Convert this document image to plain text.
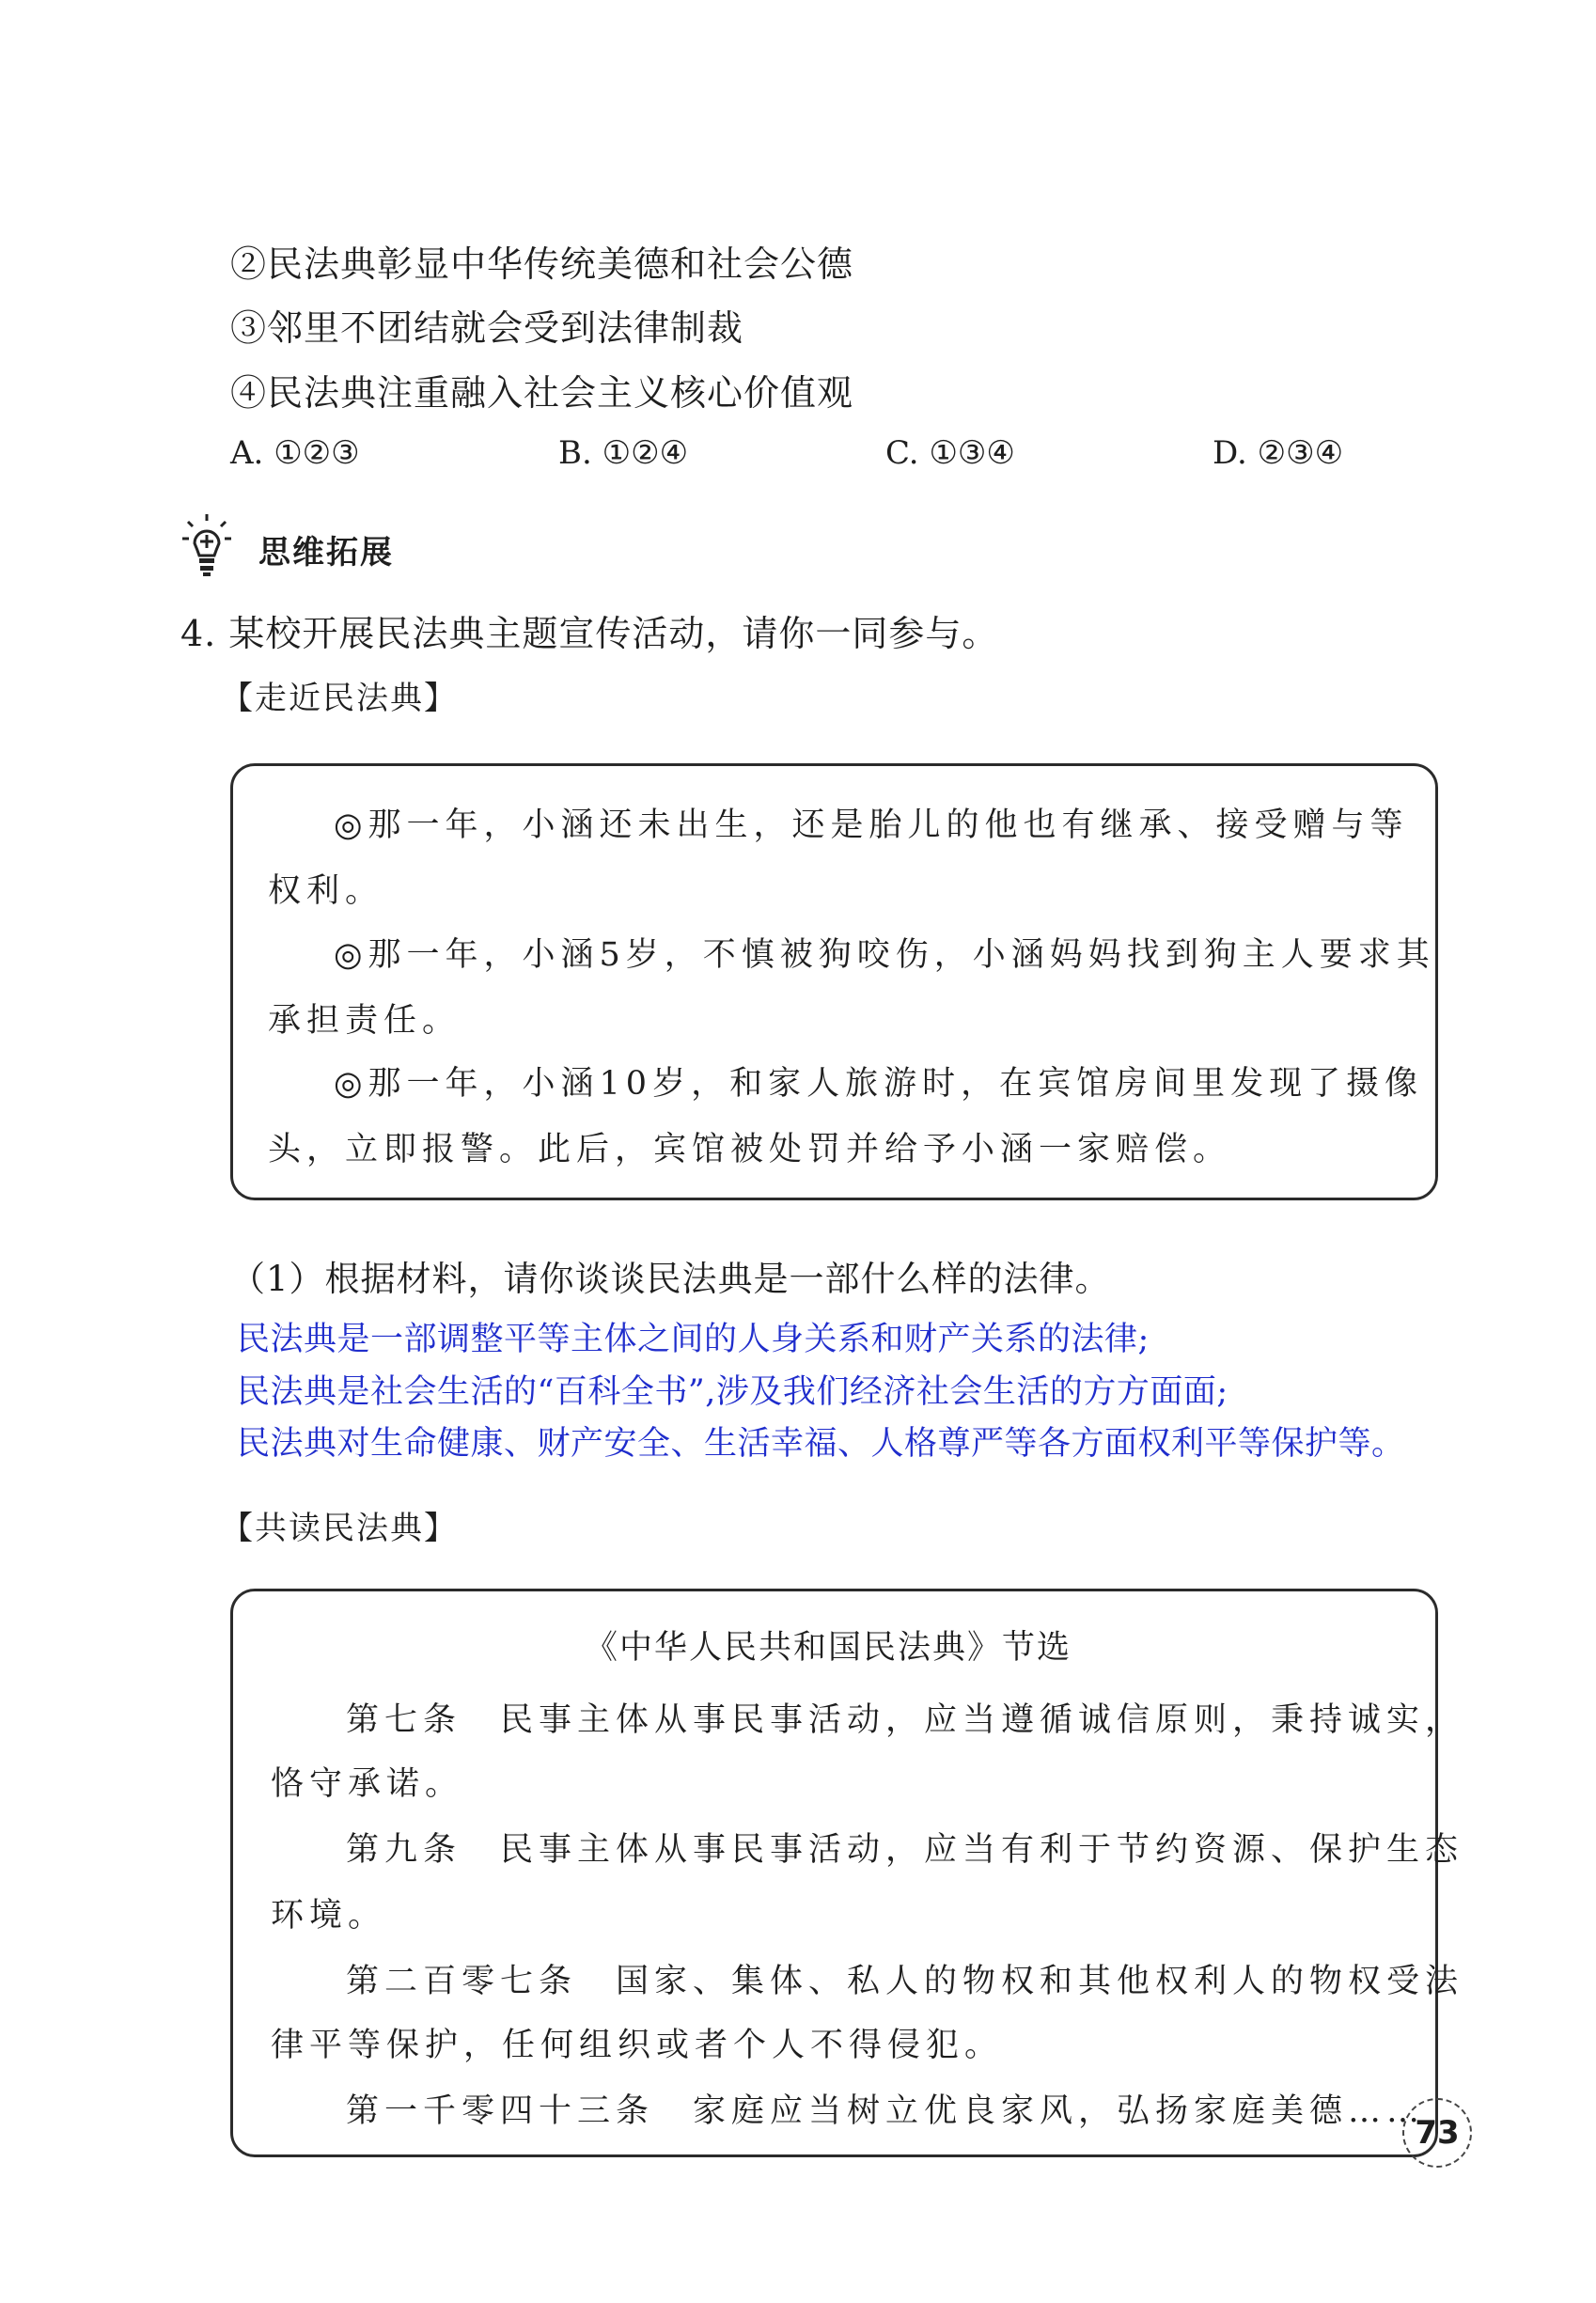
②民法典彰显中华传统美德和社会公德
③邻里不团结就会受到法律制裁
④民法典注重融入社会主义核心价值观
A. ①②③	B. ①②④	C. ①③④	D. ②③④
思维拓展
4. 某校开展民法典主题宣传活动，请你一同参与。
【走近民法典】
◎那一年，小涵还未出生，还是胎儿的他也有继承、接受赠与等
权利。
◎那一年，小涵5岁，不慎被狗咬伤，小涵妈妈找到狗主人要求其
承担责任。
◎那一年，小涵10岁，和家人旅游时，在宾馆房间里发现了摄像
头，立即报警。此后，宾馆被处罚并给予小涵一家赔偿。
（1）根据材料，请你谈谈民法典是一部什么样的法律。
民法典是一部调整平等主体之间的人身关系和财产关系的法律;
民法典是社会生活的“百科全书”,涉及我们经济社会生活的方方面面;
民法典对生命健康、财产安全、生活幸福、人格尊严等各方面权利平等保护等。
【共读民法典】
《中华人民共和国民法典》节选
第七条　民事主体从事民事活动，应当遵循诚信原则，秉持诚实，
恪守承诺。
第九条　民事主体从事民事活动，应当有利于节约资源、保护生态
环境。
第二百零七条　国家、集体、私人的物权和其他权利人的物权受法
律平等保护，任何组织或者个人不得侵犯。
第一千零四十三条　家庭应当树立优良家风，弘扬家庭美德……
73
